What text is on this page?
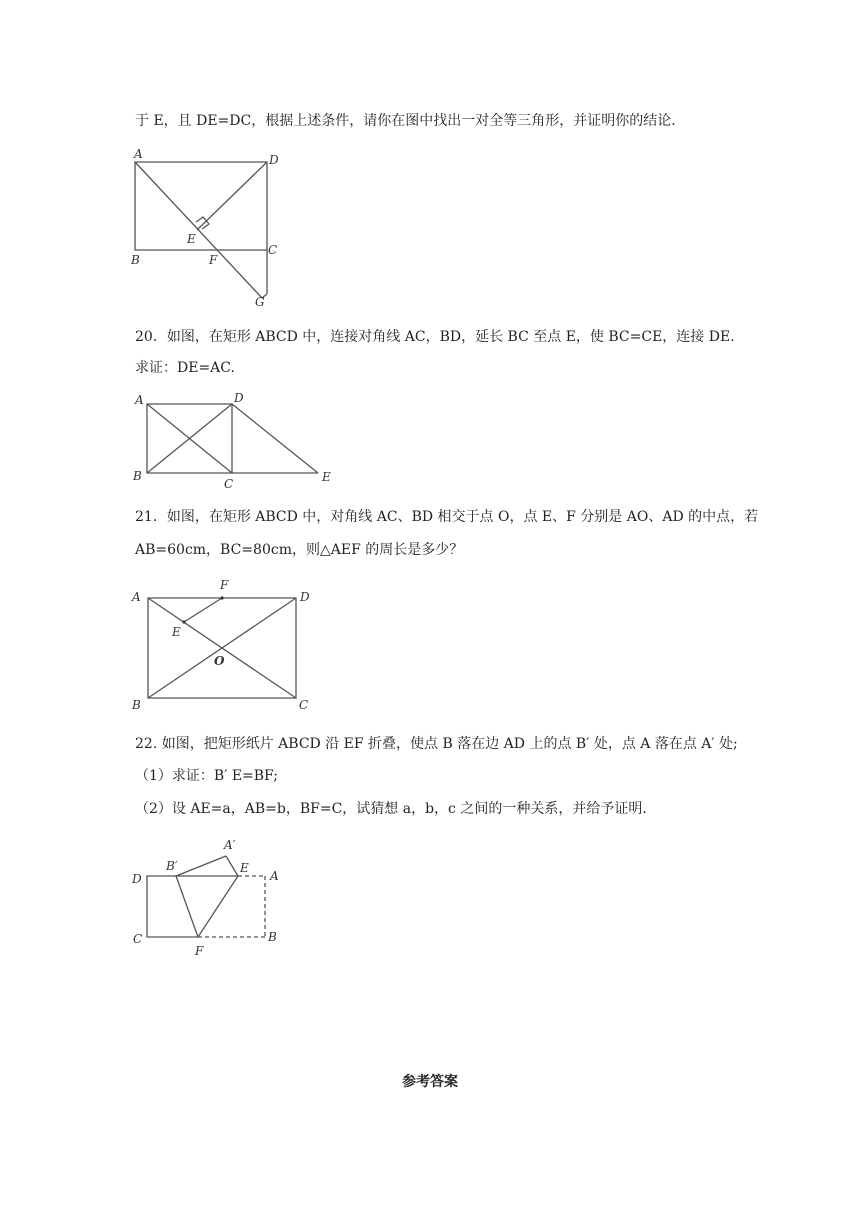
于 E，且 DE=DC，根据上述条件，请你在图中找出一对全等三角形，并证明你的结论.
A	D
E
B	F
C
G
20．如图，在矩形 ABCD 中，连接对角线 AC，BD，延长 BC 至点 E，使 BC=CE，连接 DE.
求证：DE=AC.
A	D
B
C	E
21．如图，在矩形 ABCD 中，对角线 AC、BD 相交于点 O，点 E、F 分别是 AO、AD 的中点，若
AB=60cm，BC=80cm，则△AEF 的周长是多少？
A
F
D
E
O
B	C
22. 如图，把矩形纸片 ABCD 沿 EF 折叠，使点 B 落在边 AD 上的点 B′ 处，点 A 落在点 A′ 处;
（1）求证：B′ E=BF;
（2）设 AE=a，AB=b，BF=C，试猜想 a，b，c 之间的一种关系，并给予证明.
A′
B′	E
A
D
C
F
B
参考答案
